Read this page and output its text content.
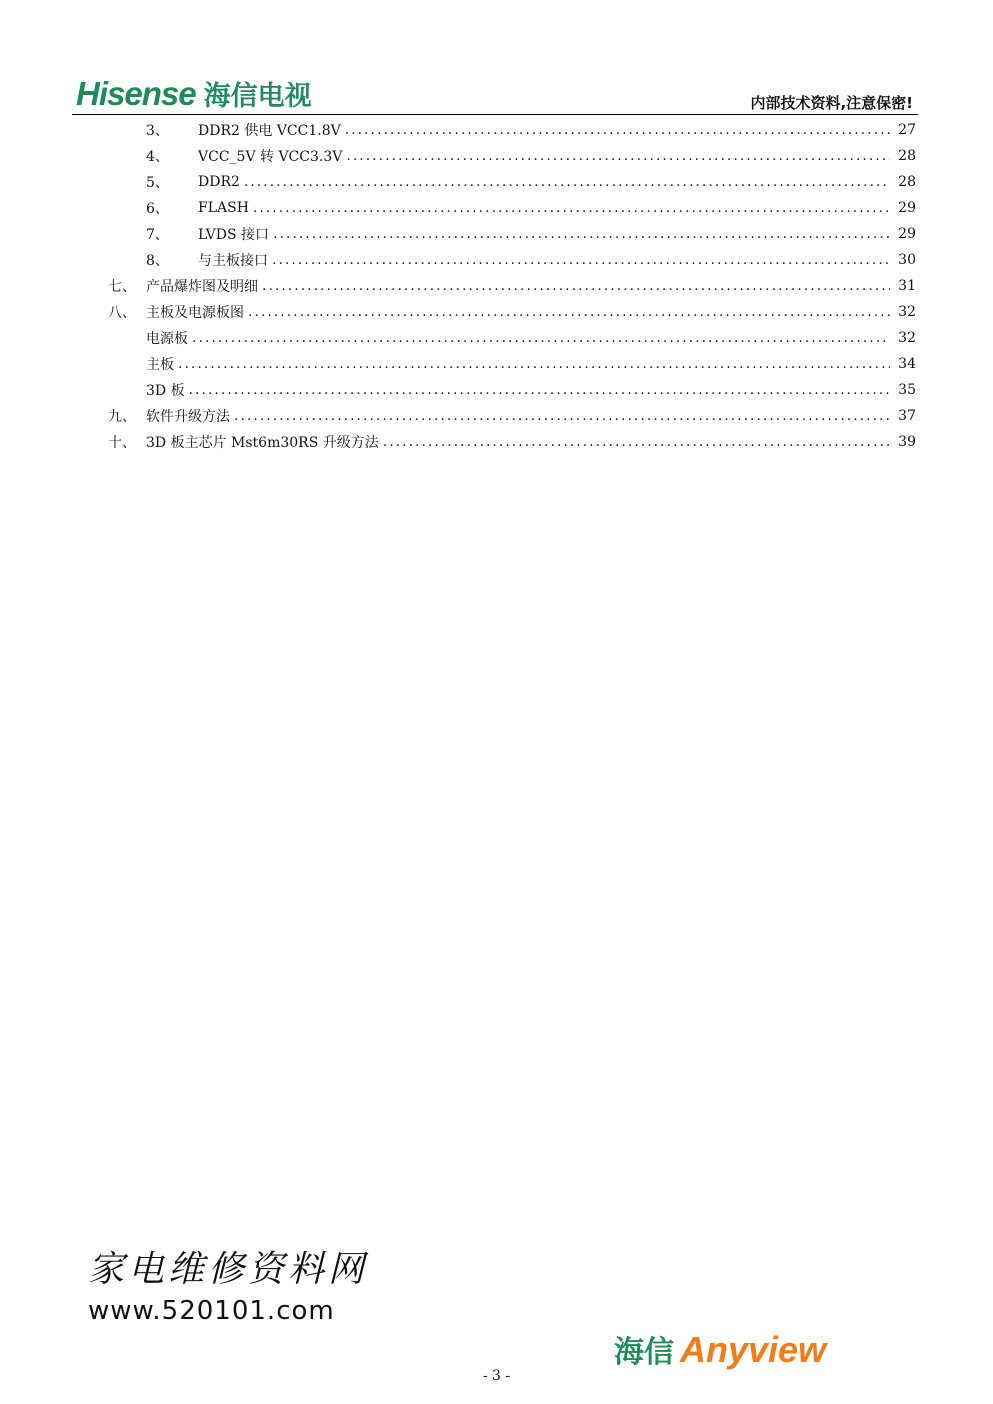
Hisense 海信电视	内部技术资料,注意保密!
3、	DDR2 供电 VCC1.8V .....	27
4、	VCC_5V 转 VCC3.3V .....	28
5、	DDR2 .....	28
6、	FLASH .....	29
7、	LVDS 接口 .....	29
8、	与主板接口 .....	30
七、 产品爆炸图及明细 .....	31
八、 主板及电源板图 .....	32
电源板 .....	32
主板 .....	34
3D 板 .....	35
九、 软件升级方法 .....	37
十、 3D 板主芯片 Mst6m30RS 升级方法 .....	39
家电维修资料网
www.520101.com
- 3 -
海信 Anyview
